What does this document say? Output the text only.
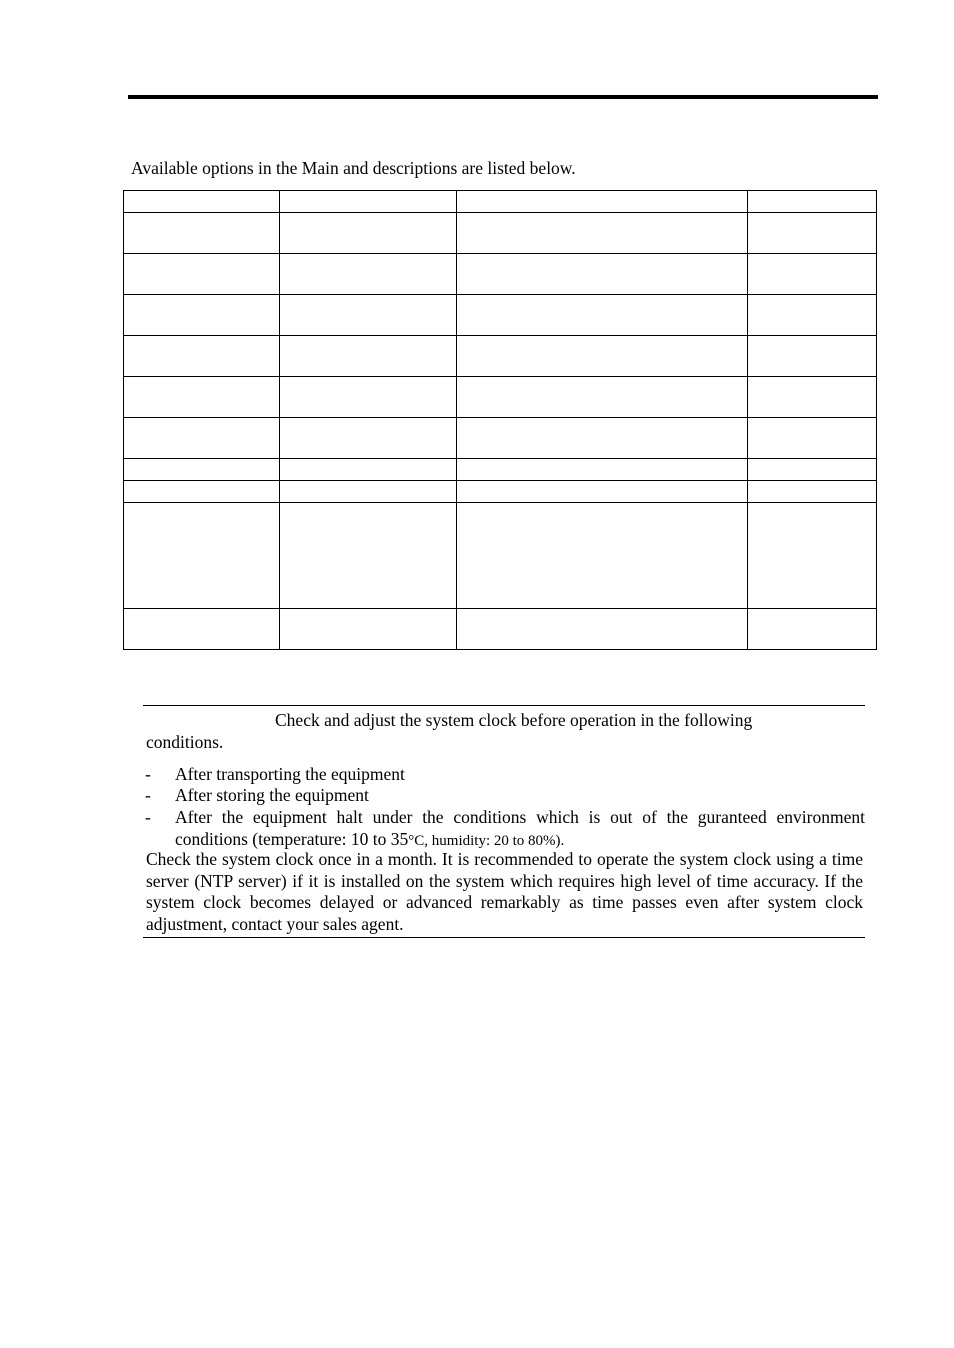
Available options in the Main and descriptions are listed below.

Check and adjust the system clock before operation in the following
conditions.
- After transporting the equipment
- After storing the equipment
- After the equipment halt under the conditions which is out of the guranteed environment conditions (temperature: 10 to 35°C, humidity: 20 to 80%).
Check the system clock once in a month. It is recommended to operate the system clock using a time server (NTP server) if it is installed on the system which requires high level of time accuracy. If the system clock becomes delayed or advanced remarkably as time passes even after system clock adjustment, contact your sales agent.
